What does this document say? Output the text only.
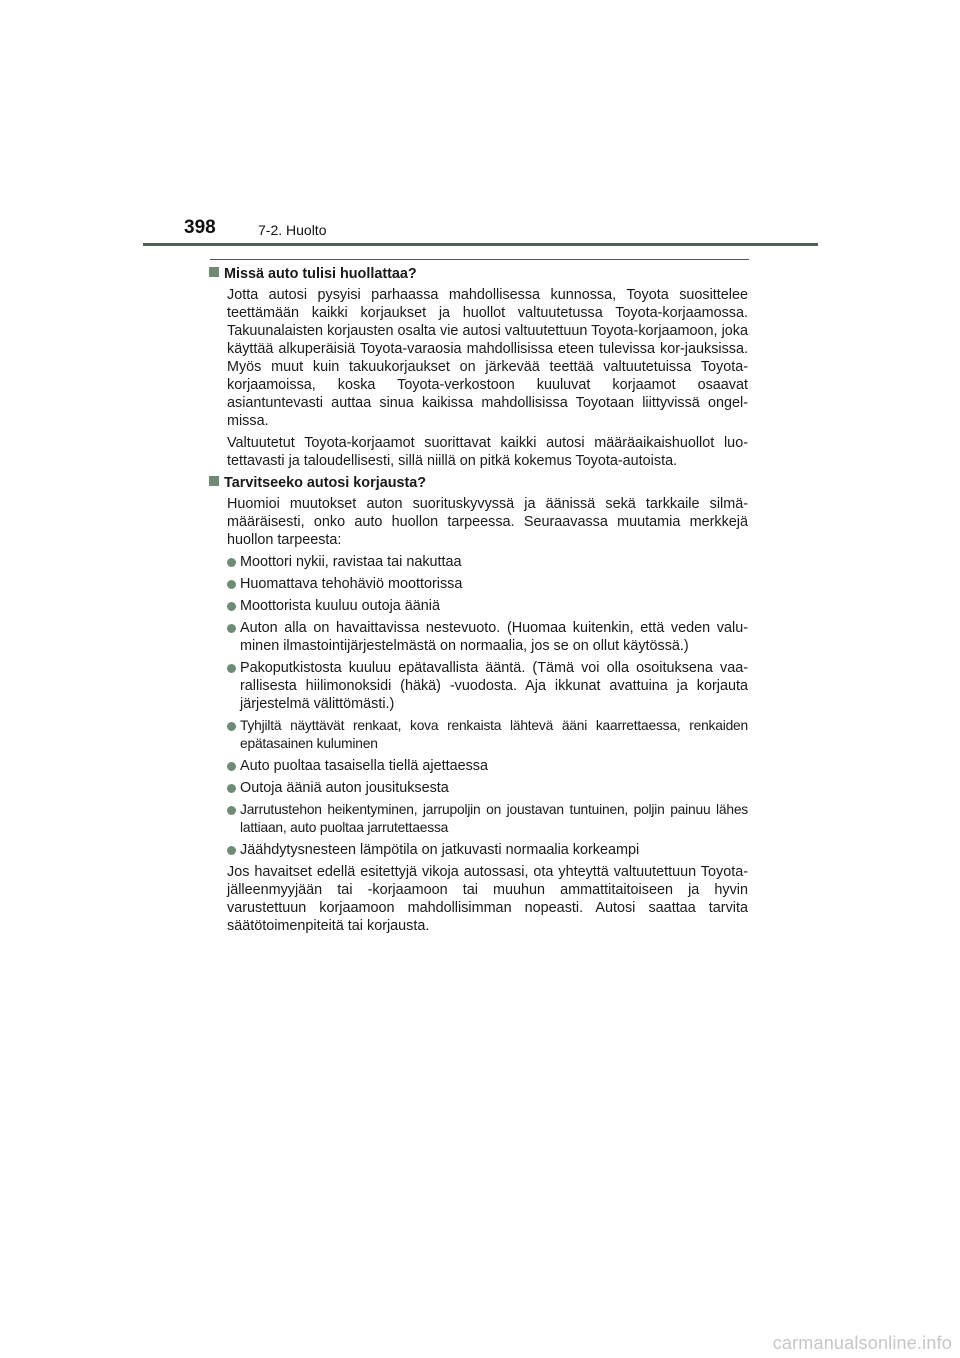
398	7-2. Huolto
Missä auto tulisi huollattaa?

Jotta autosi pysyisi parhaassa mahdollisessa kunnossa, Toyota suosittelee teettämään kaikki korjaukset ja huollot valtuutetussa Toyota-korjaamossa. Takuunalaisten korjausten osalta vie autosi valtuutettuun Toyota-korjaamoon, joka käyttää alkuperäisiä Toyota-varaosia mahdollisissa eteen tulevissa kor-jauksissa. Myös muut kuin takuukorjaukset on järkevää teettää valtuutetuissa Toyota-korjaamoissa, koska Toyota-verkostoon kuuluvat korjaamot osaavat asiantuntevasti auttaa sinua kaikissa mahdollisissa Toyotaan liittyvissä ongel-missa.

Valtuutetut Toyota-korjaamot suorittavat kaikki autosi määräaikaishuollot luo-tettavasti ja taloudellisesti, sillä niillä on pitkä kokemus Toyota-autoista.

Tarvitseeko autosi korjausta?

Huomioi muutokset auton suorituskyvyssä ja äänissä sekä tarkkaile silmä-määräisesti, onko auto huollon tarpeessa. Seuraavassa muutamia merkkejä huollon tarpeesta:

Moottori nykii, ravistaa tai nakuttaa
Huomattava tehohäviö moottorissa
Moottorista kuuluu outoja ääniä
Auton alla on havaittavissa nestevuoto. (Huomaa kuitenkin, että veden valu-minen ilmastointijärjestelmästä on normaalia, jos se on ollut käytössä.)
Pakoputkistosta kuuluu epätavallista ääntä. (Tämä voi olla osoituksena vaa-rallisesta hiilimonoksidi (häkä) -vuodosta. Aja ikkunat avattuina ja korjauta järjestelmä välittömästi.)
Tyhjiltä näyttävät renkaat, kova renkaista lähtevä ääni kaarrettaessa, renkaiden epätasainen kuluminen
Auto puoltaa tasaisella tiellä ajettaessa
Outoja ääniä auton jousituksesta
Jarrutustehon heikentyminen, jarrupoljin on joustavan tuntuinen, poljin painuu lähes lattiaan, auto puoltaa jarrutettaessa
Jäähdytysnesteen lämpötila on jatkuvasti normaalia korkeampi

Jos havaitset edellä esitettyjä vikoja autossasi, ota yhteyttä valtuutettuun Toyota-jälleenmyyjään tai -korjaamoon tai muuhun ammattitaitoiseen ja hyvin varustettuun korjaamoon mahdollisimman nopeasti. Autosi saattaa tarvita säätötoimenpiteitä tai korjausta.

carmanualsonline.info
